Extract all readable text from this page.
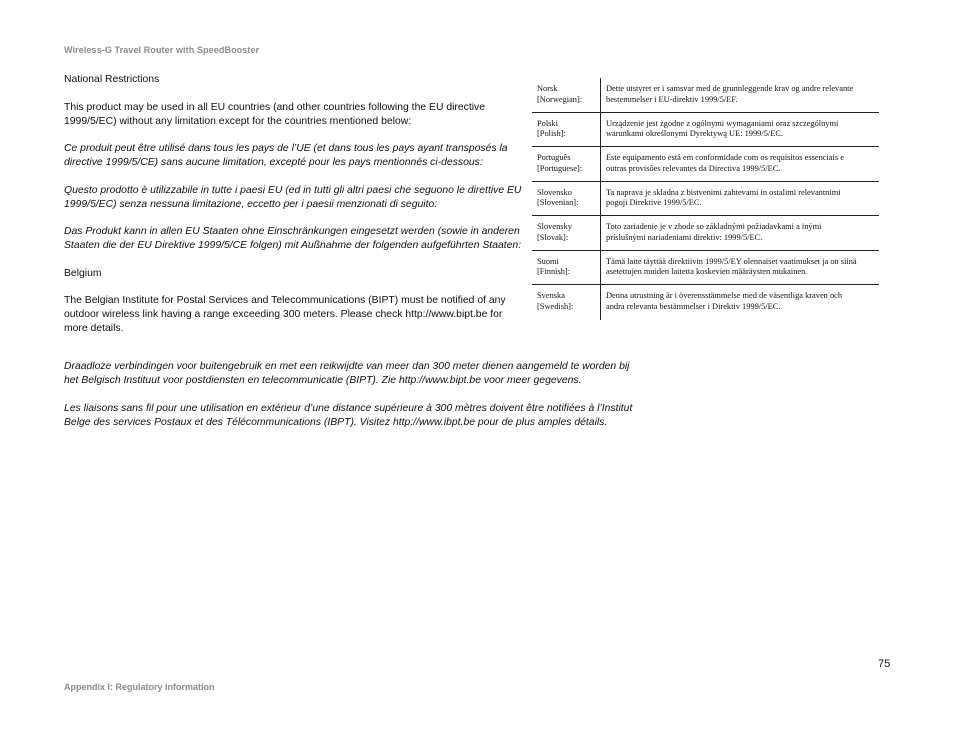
Wireless-G Travel Router with SpeedBooster

National Restrictions

This product may be used in all EU countries (and other countries following the EU directive 1999/5/EC) without any limitation except for the countries mentioned below:

Ce produit peut être utilisé dans tous les pays de l’UE (et dans tous les pays ayant transposés la directive 1999/5/CE) sans aucune limitation, excepté pour les pays mentionnés ci-dessous:

Questo prodotto è utilizzabile in tutte i paesi EU (ed in tutti gli altri paesi che seguono le direttive EU 1999/5/EC) senza nessuna limitazione, eccetto per i paesii menzionati di seguito:

Das Produkt kann in allen EU Staaten ohne Einschränkungen eingesetzt werden (sowie in anderen Staaten die der EU Direktive 1999/5/CE folgen) mit Außnahme der folgenden aufgeführten Staaten:

Belgium

The Belgian Institute for Postal Services and Telecommunications (BIPT) must be notified of any outdoor wireless link having a range exceeding 300 meters. Please check http://www.bipt.be for more details.

Draadloze verbindingen voor buitengebruik en met een reikwijdte van meer dan 300 meter dienen aangemeld te worden bij het Belgisch Instituut voor postdiensten en telecommunicatie (BIPT). Zie http://www.bipt.be voor meer gegevens.

Les liaisons sans fil pour une utilisation en extérieur d’une distance supérieure à 300 mètres doivent être notifiées à l’Institut Belge des services Postaux et des Télécommunications (IBPT). Visitez http://www.ibpt.be pour de plus amples détails.

Norsk
[Norwegian]:
Dette utstyret er i samsvar med de grunnleggende krav og andre relevante
bestemmelser i EU-direktiv 1999/5/EF.
Polski
[Polish]:
Urządzenie jest zgodne z ogólnymi wymaganiami oraz szczególnymi
warunkami określonymi Dyrektywą UE: 1999/5/EC.
Português
[Portuguese]:
Este equipamento está em conformidade com os requisitos essenciais e
outras provisões relevantes da Directiva 1999/5/EC.
Slovensko
[Slovenian]:
Ta naprava je skladna z bistvenimi zahtevami in ostalimi relevantnimi
pogoji Direktive 1999/5/EC.
Slovensky
[Slovak]:
Toto zariadenie je v zhode so základnými požiadavkami a inými
príslušnými nariadeniami direktív: 1999/5/EC.
Suomi
[Finnish]:
Tämä laite täyttää direktiivin 1999/5/EY olennaiset vaatimukset ja on siinä
asetettujen muiden laitetta koskevien määräysten mukainen.
Svenska
[Swedish]:
Denna utrustning är i överensstämmelse med de väsentliga kraven och
andra relevanta bestämmelser i Direktiv 1999/5/EC.
75
Appendix I: Regulatory Information
